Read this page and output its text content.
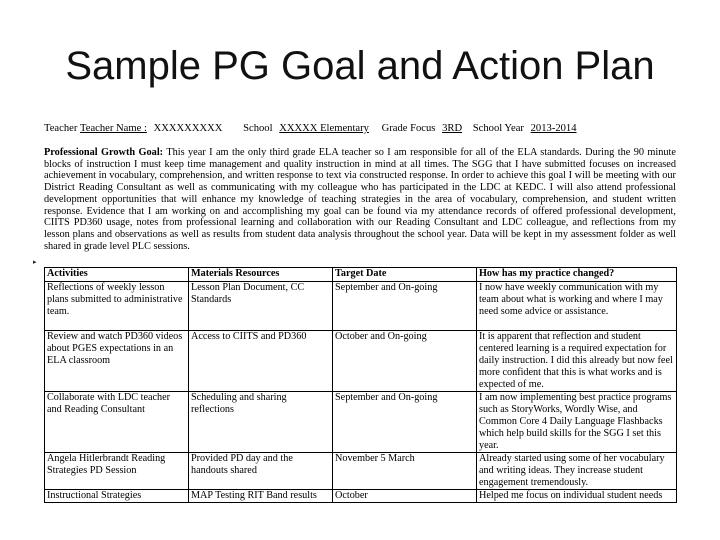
Sample PG Goal and Action Plan
Teacher Teacher Name : XXXXXXXXX School XXXXX Elementary Grade Focus 3RD School Year 2013-2014
Professional Growth Goal: This year I am the only third grade ELA teacher so I am responsible for all of the ELA standards. During the 90 minute blocks of instruction I must keep time management and quality instruction in mind at all times. The SGG that I have submitted focuses on increased achievement in vocabulary, comprehension, and written response to text via constructed response. In order to achieve this goal I will be meeting with our District Reading Consultant as well as communicating with my colleague who has participated in the LDC at KEDC. I will also attend professional development opportunities that will enhance my knowledge of teaching strategies in the area of vocabulary, comprehension, and student written response. Evidence that I am working on and accomplishing my goal can be found via my attendance records of offered professional development, CIITS PD360 usage, notes from professional learning and collaboration with our Reading Consultant and LDC colleague, and reflections from my lesson plans and observations as well as results from student data analysis throughout the school year. Data will be kept in my assessment folder as well shared in grade level PLC sessions.
▸
Activities	Materials Resources	Target Date	How has my practice changed?
Reflections of weekly lesson plans submitted to administrative team.	Lesson Plan Document, CC Standards	September and On-going	I now have weekly communication with my team about what is working and where I may need some advice or assistance.
Review and watch PD360 videos about PGES expectations in an ELA classroom	Access to CIITS and PD360	October and On-going	It is apparent that reflection and student centered learning is a required expectation for daily instruction. I did this already but now feel more confident that this is what works and is expected of me.
Collaborate with LDC teacher and Reading Consultant	Scheduling and sharing reflections	September and On-going	I am now implementing best practice programs such as StoryWorks, Wordly Wise, and Common Core 4 Daily Language Flashbacks which help build skills for the SGG I set this year.
Angela Hitlerbrandt Reading Strategies PD Session	Provided PD day and the handouts shared	November 5 March	Already started using some of her vocabulary and writing ideas. They increase student engagement tremendously.
Instructional Strategies	MAP Testing RIT Band results	October	Helped me focus on individual student needs
